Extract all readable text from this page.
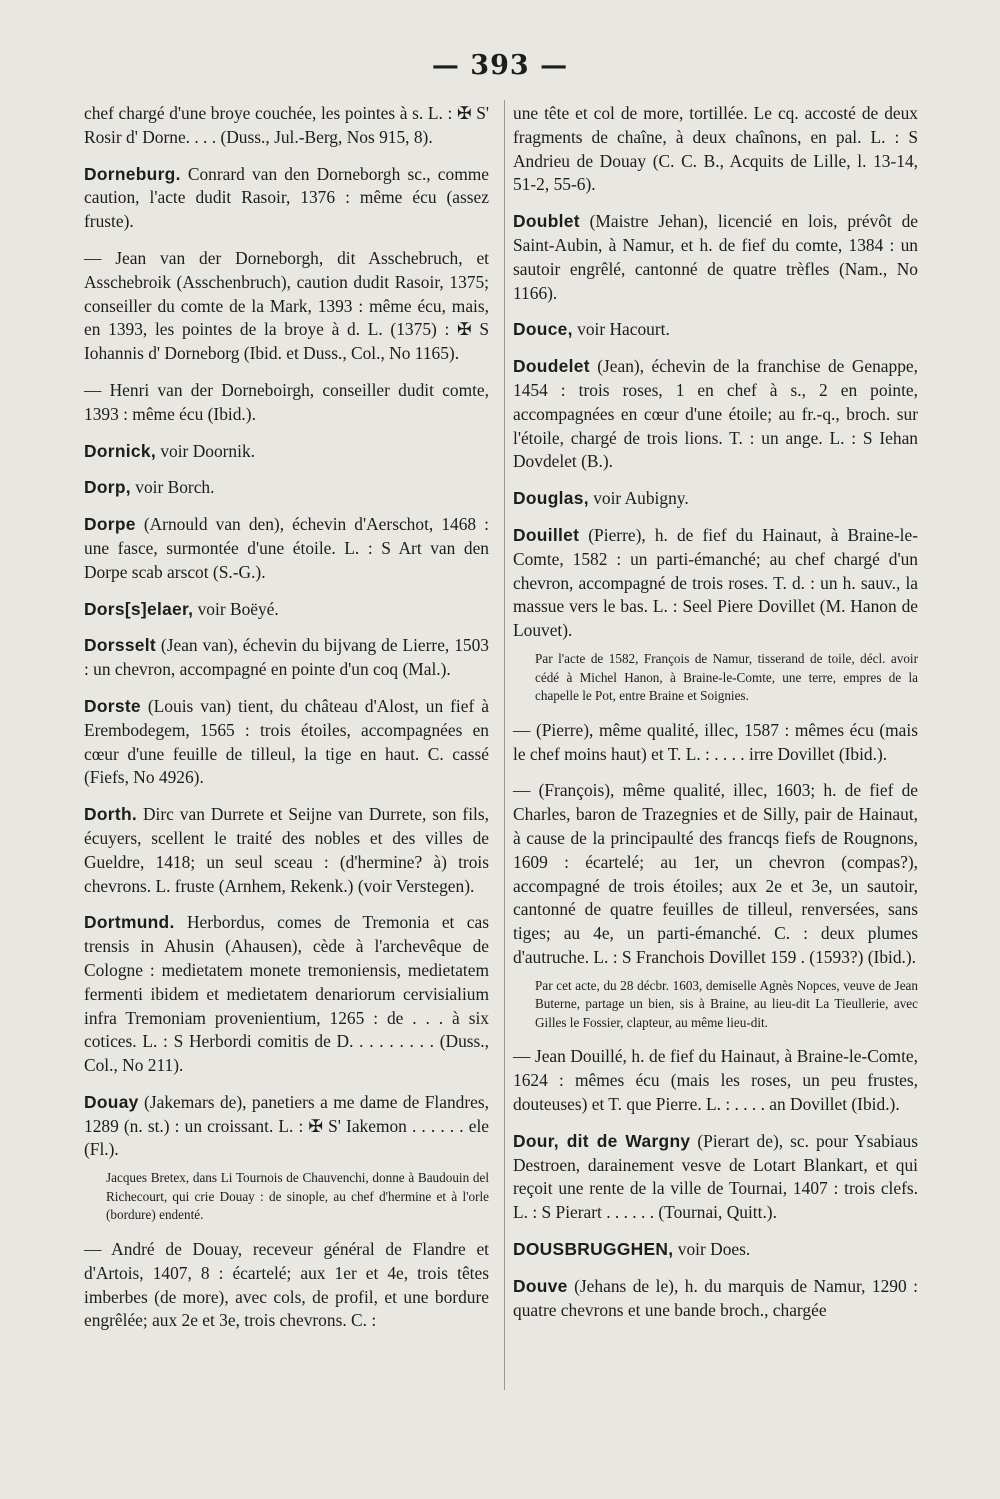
— 393 —

chef chargé d'une broye couchée, les pointes à s. L. : ✠ S' Rosir d' Dorne. . . . (Duss., Jul.-Berg, Nos 915, 8).

Dorneburg. Conrard van den Dorneborgh sc., comme caution, l'acte dudit Rasoir, 1376 : même écu (assez fruste).

— Jean van der Dorneborgh, dit Asschebruch, et Asschebroik (Asschenbruch), caution dudit Rasoir, 1375; conseiller du comte de la Mark, 1393 : même écu, mais, en 1393, les pointes de la broye à d. L. (1375) : ✠ S Iohannis d' Dorneborg (Ibid. et Duss., Col., No 1165).

— Henri van der Dorneboirgh, conseiller dudit comte, 1393 : même écu (Ibid.).

Dornick, voir Doornik.

Dorp, voir Borch.

Dorpe (Arnould van den), échevin d'Aerschot, 1468 : une fasce, surmontée d'une étoile. L. : S Art van den Dorpe scab arscot (S.-G.).

Dors[s]elaer, voir Boëyé.

Dorsselt (Jean van), échevin du bijvang de Lierre, 1503 : un chevron, accompagné en pointe d'un coq (Mal.).

Dorste (Louis van) tient, du château d'Alost, un fief à Erembodegem, 1565 : trois étoiles, accompagnées en cœur d'une feuille de tilleul, la tige en haut. C. cassé (Fiefs, No 4926).

Dorth. Dirc van Durrete et Seijne van Durrete, son fils, écuyers, scellent le traité des nobles et des villes de Gueldre, 1418; un seul sceau : (d'hermine? à) trois chevrons. L. fruste (Arnhem, Rekenk.) (voir Verstegen).

Dortmund. Herbordus, comes de Tremonia et cas trensis in Ahusin (Ahausen), cède à l'archevêque de Cologne : medietatem monete tremoniensis, medietatem fermenti ibidem et medietatem denariorum cervisialium infra Tremoniam provenientium, 1265 : de . . . à six cotices. L. : S Herbordi comitis de D. . . . . . . . . (Duss., Col., No 211).

Douay (Jakemars de), panetiers a me dame de Flandres, 1289 (n. st.) : un croissant. L. : ✠ S' Iakemon . . . . . . ele (Fl.).

Jacques Bretex, dans Li Tournois de Chauvenchi, donne à Baudouin del Richecourt, qui crie Douay : de sinople, au chef d'hermine et à l'orle (bordure) endenté.

— André de Douay, receveur général de Flandre et d'Artois, 1407, 8 : écartelé; aux 1er et 4e, trois têtes imberbes (de more), avec cols, de profil, et une bordure engrêlée; aux 2e et 3e, trois chevrons. C. :

une tête et col de more, tortillée. Le cq. accosté de deux fragments de chaîne, à deux chaînons, en pal. L. : S Andrieu de Douay (C. C. B., Acquits de Lille, l. 13-14, 51-2, 55-6).

Doublet (Maistre Jehan), licencié en lois, prévôt de Saint-Aubin, à Namur, et h. de fief du comte, 1384 : un sautoir engrêlé, cantonné de quatre trèfles (Nam., No 1166).

Douce, voir Hacourt.

Doudelet (Jean), échevin de la franchise de Genappe, 1454 : trois roses, 1 en chef à s., 2 en pointe, accompagnées en cœur d'une étoile; au fr.-q., broch. sur l'étoile, chargé de trois lions. T. : un ange. L. : S Iehan Dovdelet (B.).

Douglas, voir Aubigny.

Douillet (Pierre), h. de fief du Hainaut, à Braine-le-Comte, 1582 : un parti-émanché; au chef chargé d'un chevron, accompagné de trois roses. T. d. : un h. sauv., la massue vers le bas. L. : Seel Piere Dovillet (M. Hanon de Louvet).

Par l'acte de 1582, François de Namur, tisserand de toile, décl. avoir cédé à Michel Hanon, à Braine-le-Comte, une terre, empres de la chapelle le Pot, entre Braine et Soignies.

— (Pierre), même qualité, illec, 1587 : mêmes écu (mais le chef moins haut) et T. L. : . . . . irre Dovillet (Ibid.).

— (François), même qualité, illec, 1603; h. de fief de Charles, baron de Trazegnies et de Silly, pair de Hainaut, à cause de la principaulté des francqs fiefs de Rougnons, 1609 : écartelé; au 1er, un chevron (compas?), accompagné de trois étoiles; aux 2e et 3e, un sautoir, cantonné de quatre feuilles de tilleul, renversées, sans tiges; au 4e, un parti-émanché. C. : deux plumes d'autruche. L. : S Franchois Dovillet 159 . (1593?) (Ibid.).

Par cet acte, du 28 décbr. 1603, demiselle Agnès Nopces, veuve de Jean Buterne, partage un bien, sis à Braine, au lieu-dit La Tieullerie, avec Gilles le Fossier, clapteur, au même lieu-dit.

— Jean Douillé, h. de fief du Hainaut, à Braine-le-Comte, 1624 : mêmes écu (mais les roses, un peu frustes, douteuses) et T. que Pierre. L. : . . . . an Dovillet (Ibid.).

Dour, dit de Wargny (Pierart de), sc. pour Ysabiaus Destroen, darainement vesve de Lotart Blankart, et qui reçoit une rente de la ville de Tournai, 1407 : trois clefs. L. : S Pierart . . . . . . (Tournai, Quitt.).

DOUSBRUGGHEN, voir Does.

Douve (Jehans de le), h. du marquis de Namur, 1290 : quatre chevrons et une bande broch., chargée
